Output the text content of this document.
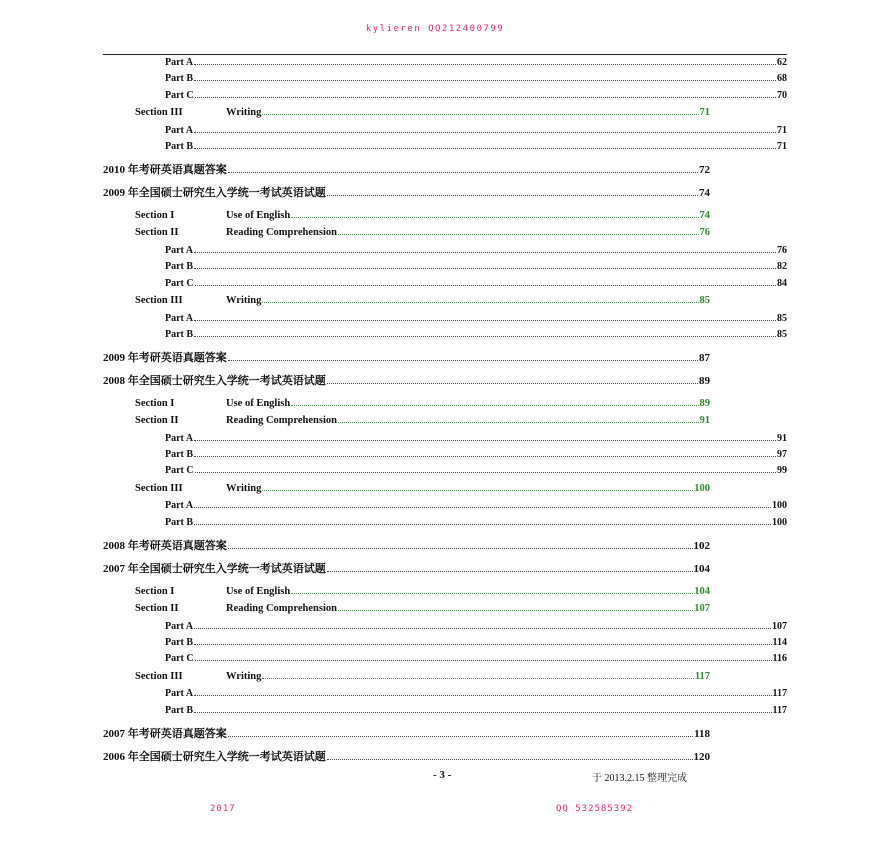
kylieren QQ212400799
Part A	62
Part B	68
Part C	70
Section III	Writing	71
Part A	71
Part B	71
2010 年考研英语真题答案	72
2009 年全国硕士研究生入学统一考试英语试题	74
Section I	Use of English	74
Section II	Reading Comprehension	76
Part A	76
Part B	82
Part C	84
Section III	Writing	85
Part A	85
Part B	85
2009 年考研英语真题答案	87
2008 年全国硕士研究生入学统一考试英语试题	89
Section I	Use of English	89
Section II	Reading Comprehension	91
Part A	91
Part B	97
Part C	99
Section III	Writing	100
Part A	100
Part B	100
2008 年考研英语真题答案	102
2007 年全国硕士研究生入学统一考试英语试题	104
Section I	Use of English	104
Section II	Reading Comprehension	107
Part A	107
Part B	114
Part C	116
Section III	Writing	117
Part A	117
Part B	117
2007 年考研英语真题答案	118
2006 年全国硕士研究生入学统一考试英语试题	120
- 3 -	于 2013.2.15 整理完成
2017	QQ 532585392
